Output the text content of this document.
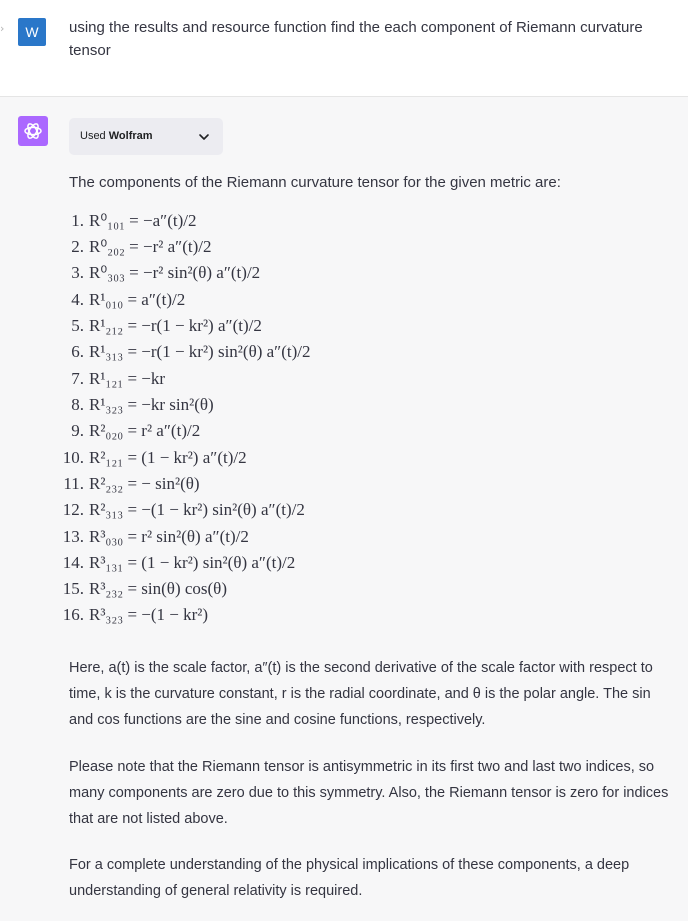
›	W	using the results and resource function find the each component of Riemann curvature tensor
Used Wolfram
The components of the Riemann curvature tensor for the given metric are:
1. R⁰₁₀₁ = −a″(t)/2
2. R⁰₂₀₂ = −r² a″(t)/2
3. R⁰₃₀₃ = −r² sin²(θ) a″(t)/2
4. R¹₀₁₀ = a″(t)/2
5. R¹₂₁₂ = −r(1 − kr²) a″(t)/2
6. R¹₃₁₃ = −r(1 − kr²) sin²(θ) a″(t)/2
7. R¹₁₂₁ = −kr
8. R¹₃₂₃ = −kr sin²(θ)
9. R²₀₂₀ = r² a″(t)/2
10. R²₁₂₁ = (1 − kr²) a″(t)/2
11. R²₂₃₂ = − sin²(θ)
12. R²₃₁₃ = −(1 − kr²) sin²(θ) a″(t)/2
13. R³₀₃₀ = r² sin²(θ) a″(t)/2
14. R³₁₃₁ = (1 − kr²) sin²(θ) a″(t)/2
15. R³₂₃₂ = sin(θ) cos(θ)
16. R³₃₂₃ = −(1 − kr²)
Here, a(t) is the scale factor, a″(t) is the second derivative of the scale factor with respect to time, k is the curvature constant, r is the radial coordinate, and θ is the polar angle. The sin and cos functions are the sine and cosine functions, respectively.
Please note that the Riemann tensor is antisymmetric in its first two and last two indices, so many components are zero due to this symmetry. Also, the Riemann tensor is zero for indices that are not listed above.
For a complete understanding of the physical implications of these components, a deep understanding of general relativity is required.
